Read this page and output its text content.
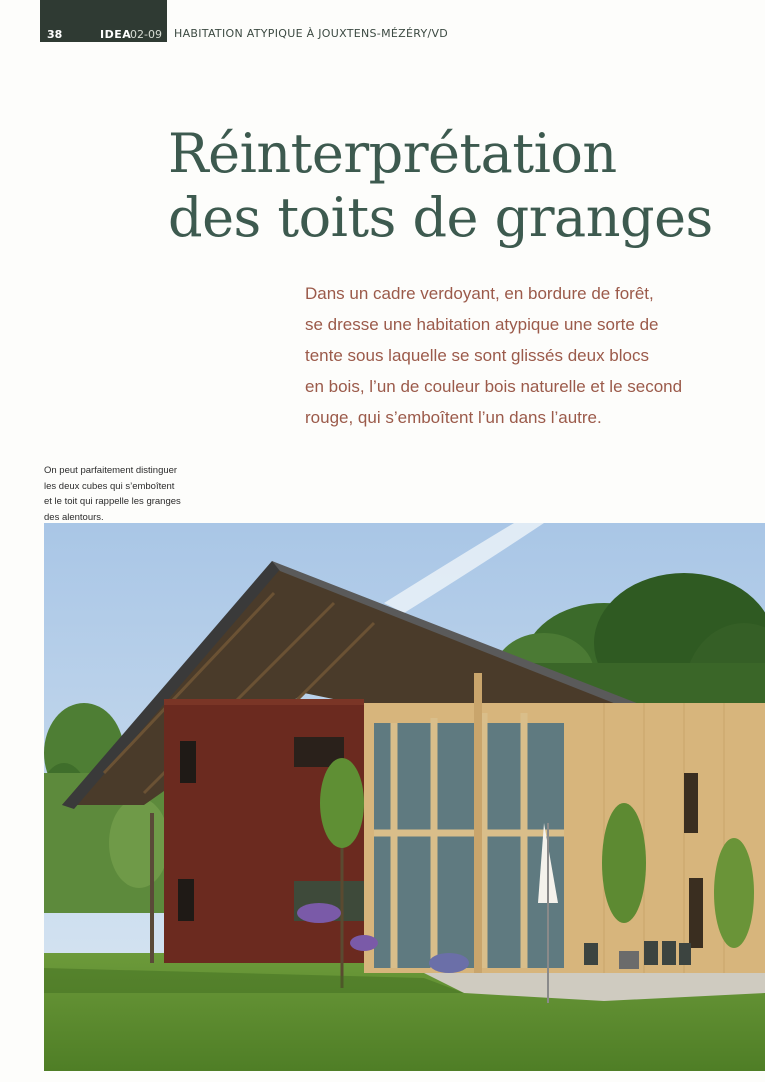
38	IDEA
02-09 HABITATION ATYPIQUE À JOUXTENS-MÉZÉRY/VD
Réinterprétation
des toits de granges

Dans un cadre verdoyant, en bordure de forêt,
se dresse une habitation atypique une sorte de
tente sous laquelle se sont glissés deux blocs
en bois, l’un de couleur bois naturelle et le second
rouge, qui s’emboîtent l’un dans l’autre.

On peut parfaitement distinguer
les deux cubes qui s’emboîtent
et le toit qui rappelle les granges
des alentours.
